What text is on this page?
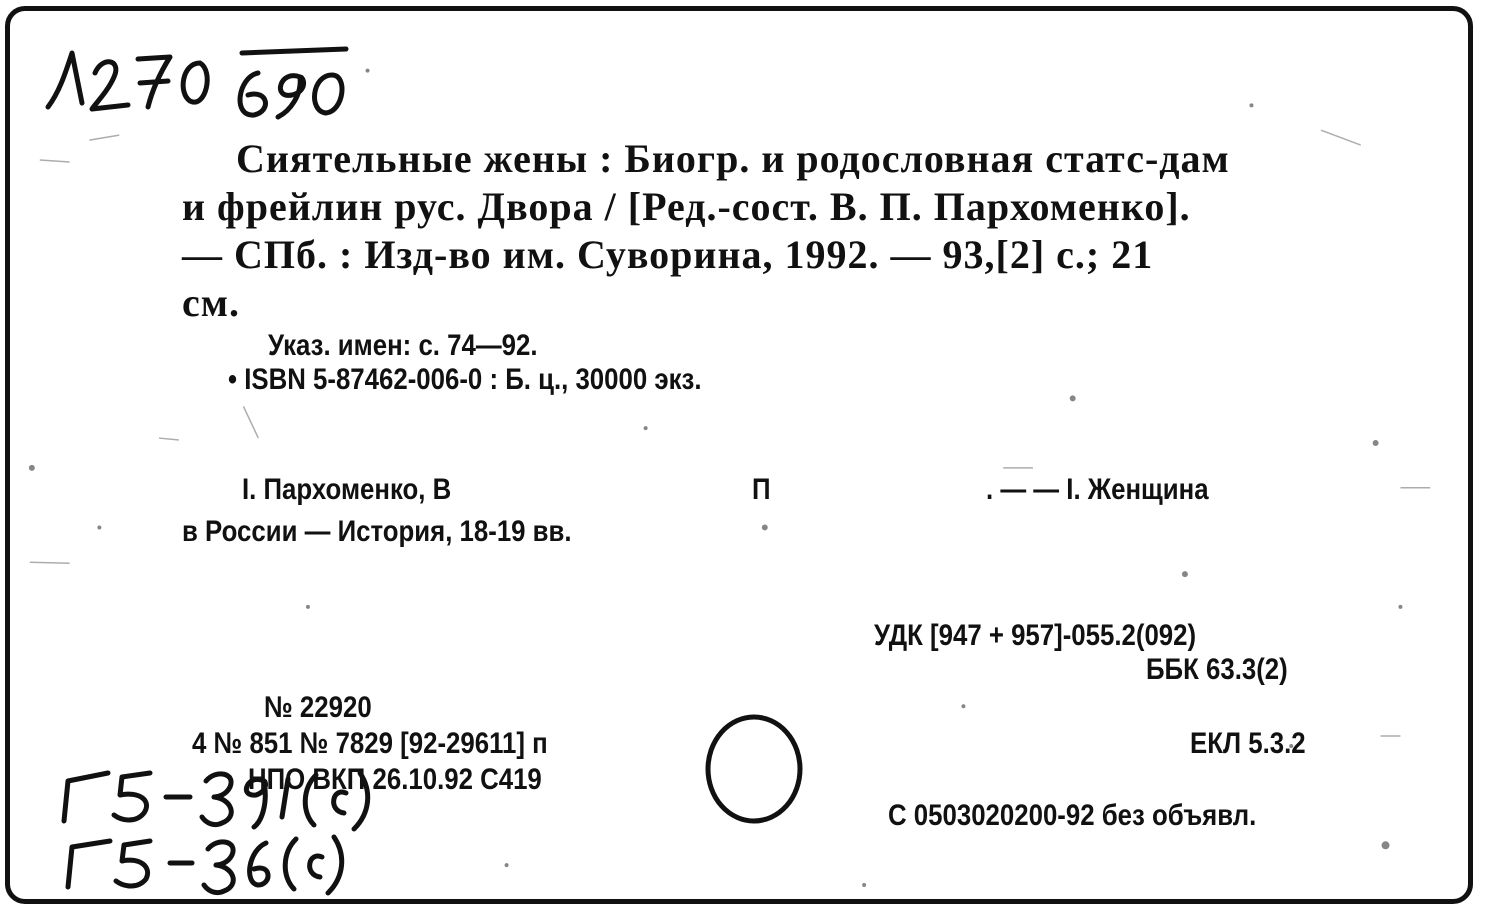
Сиятельные жены : Биогр. и родословная статс-дам
и фрейлин рус. Двора / [Ред.-сост. В. П. Пархоменко].
— СПб. : Изд-во им. Суворина, 1992. — 93,[2] с.; 21
см.
Указ. имен: с. 74—92.
• ISBN 5-87462-006-0 : Б. ц., 30000 экз.
I. Пархоменко, В	П	. — — I. Женщина
в России — История, 18-19 вв.
УДК [947 + 957]-055.2(092)
ББК 63.3(2)
ЕКЛ 5.3.2
С 0503020200-92 без объявл.
№ 22920
4 № 851 № 7829 [92-29611] п
НПО ВКП 26.10.92 С419
